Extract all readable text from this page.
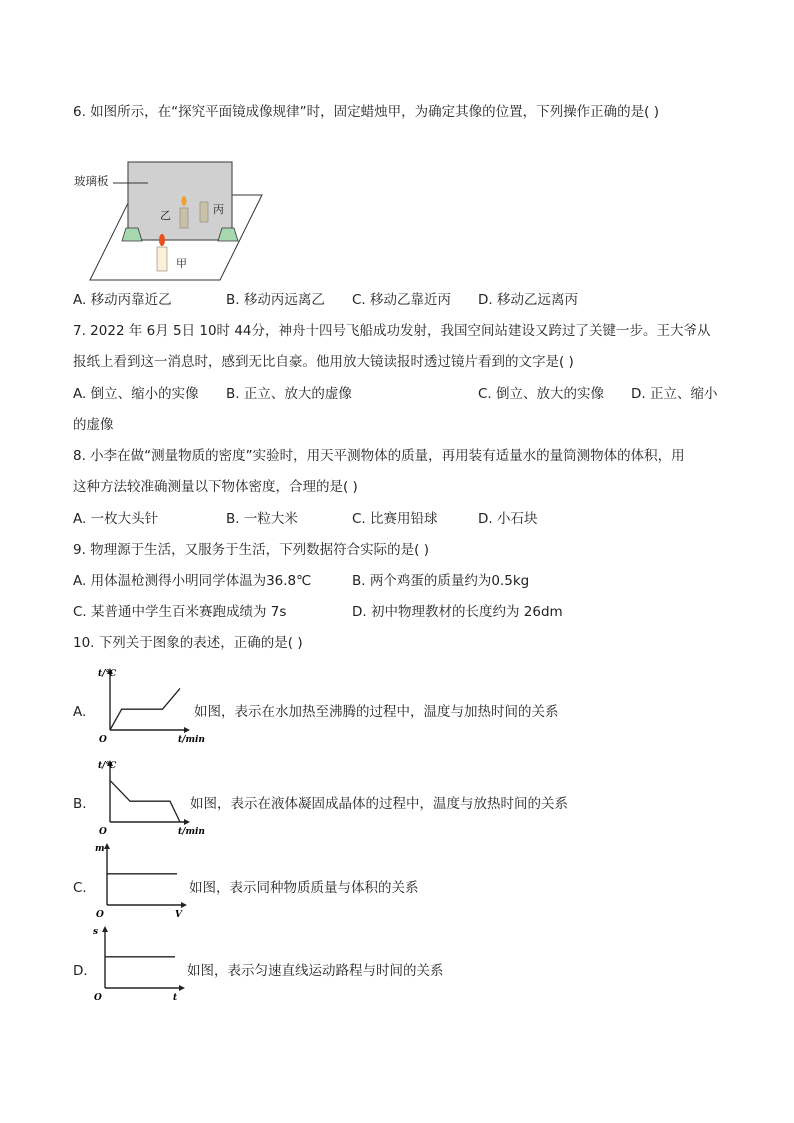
6. 如图所示，在“探究平面镜成像规律”时，固定蜡烛甲，为确定其像的位置，下列操作正确的是( )
玻璃板
乙	丙
甲
A. 移动丙靠近乙	B. 移动丙远离乙 C. 移动乙靠近丙 D. 移动乙远离丙
7. 2022 年 6月 5日 10时 44分，神舟十四号飞船成功发射，我国空间站建设又跨过了关键一步。王大爷从
报纸上看到这一消息时，感到无比自豪。他用放大镜读报时透过镜片看到的文字是( )
A. 倒立、缩小的实像 B. 正立、放大的虚像	C. 倒立、放大的实像 D. 正立、缩小
的虚像
8. 小李在做“测量物质的密度”实验时，用天平测物体的质量，再用装有适量水的量筒测物体的体积，用
这种方法较准确测量以下物体密度，合理的是( )
A. 一枚大头针	B. 一粒大米	C. 比赛用铅球	D. 小石块
9. 物理源于生活，又服务于生活，下列数据符合实际的是( )
A. 用体温枪测得小明同学体温为36.8℃	B. 两个鸡蛋的质量约为0.5kg
C. 某普通中学生百米赛跑成绩为 7s	D. 初中物理教材的长度约为 26dm
10. 下列关于图象的表述，正确的是( )
A.
t/℃
t/min
O
如图，表示在水加热至沸腾的过程中，温度与加热时间的关系
B.
t/℃
t/min
O
如图，表示在液体凝固成晶体的过程中，温度与放热时间的关系
C.
m
V
O
如图，表示同种物质质量与体积的关系
D.
s
t
O
如图，表示匀速直线运动路程与时间的关系
